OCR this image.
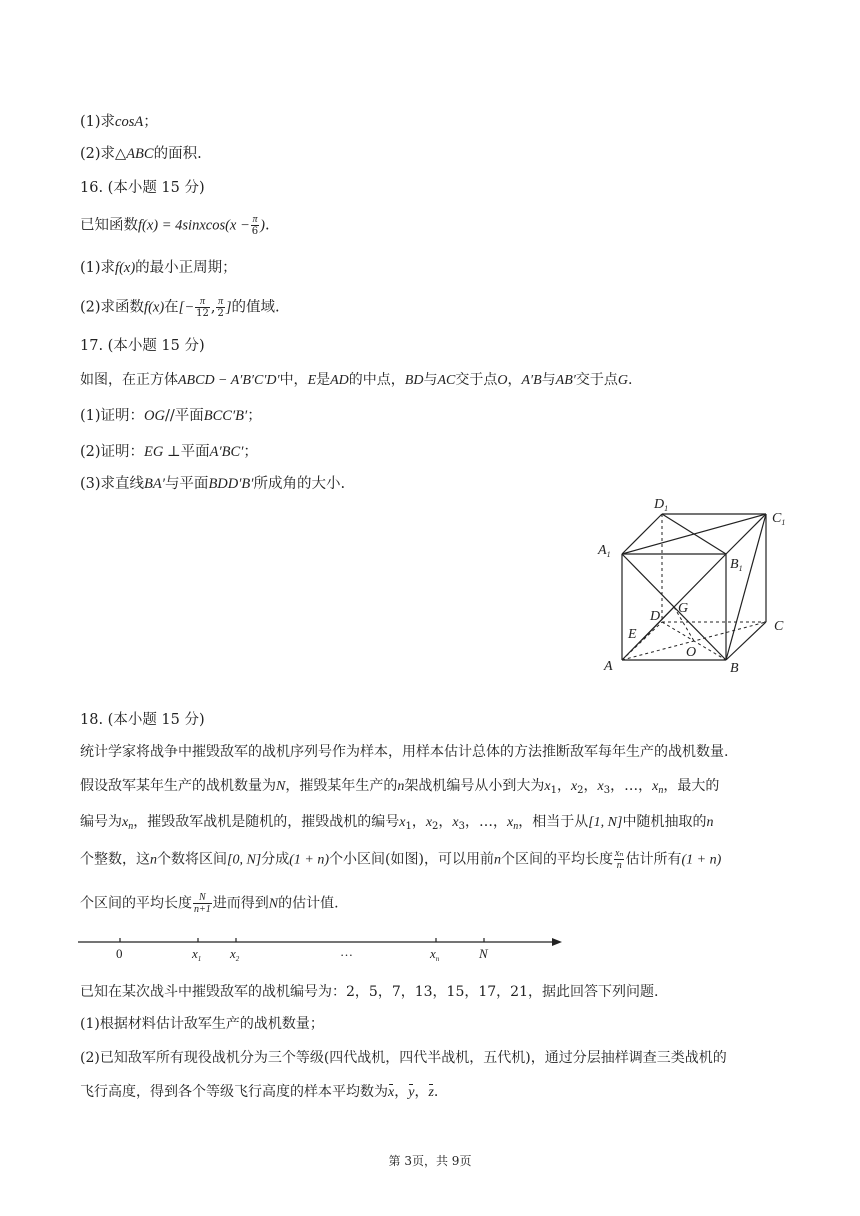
(1)求cosA；
(2)求△ABC的面积.
16. (本小题 15 分)
已知函数f(x) = 4sinxcos(x − $\frac{\pi}{6}$ ).
(1)求f(x)的最小正周期；
(2)求函数f(x)在[− $\frac{\pi}{12}$ , $\frac{\pi}{2}$ ]的值域.
17. (本小题 15 分)
如图，在正方体ABCD − A′B′C′D′中，E是AD的中点，BD与AC交于点O，A′B与AB′交于点G.
(1)证明：OG//平面BCC′B′；
(2)证明：EG ⊥平面A′BC′；
(3)求直线BA′与平面BDD′B′所成角的大小.
$D_1$
$C_1$
$A_1$
$B_1$
D
G
C
E
O
A	B
18. (本小题 15 分)
统计学家将战争中摧毁敌军的战机序列号作为样本，用样本估计总体的方法推断敌军每年生产的战机数量.
假设敌军某年生产的战机数量为N，摧毁某年生产的n架战机编号从小到大为$x_1$，$x_2$，$x_3$，…，$x_n$，最大的
编号为$x_n$，摧毁敌军战机是随机的，摧毁战机的编号$x_1$，$x_2$，$x_3$，…，$x_n$，相当于从[1, N]中随机抽取的n
个整数，这n个数将区间[0, N]分成(1 + n)个小区间(如图)，可以用前n个区间的平均长度 $\frac{\text{xₙ}}{n}$ 估计所有(1 + n)
个区间的平均长度 $\frac{N}{n+1}$ 进而得到N的估计值.
0	$x_1$ $x_2$	…	$x_n$	N
已知在某次战斗中摧毁敌军的战机编号为：2，5，7，13，15，17，21，据此回答下列问题.
(1)根据材料估计敌军生产的战机数量；
(2)已知敌军所有现役战机分为三个等级(四代战机，四代半战机，五代机)，通过分层抽样调查三类战机的
飞行高度，得到各个等级飞行高度的样本平均数为x，y，z.
第 3页，共 9页
